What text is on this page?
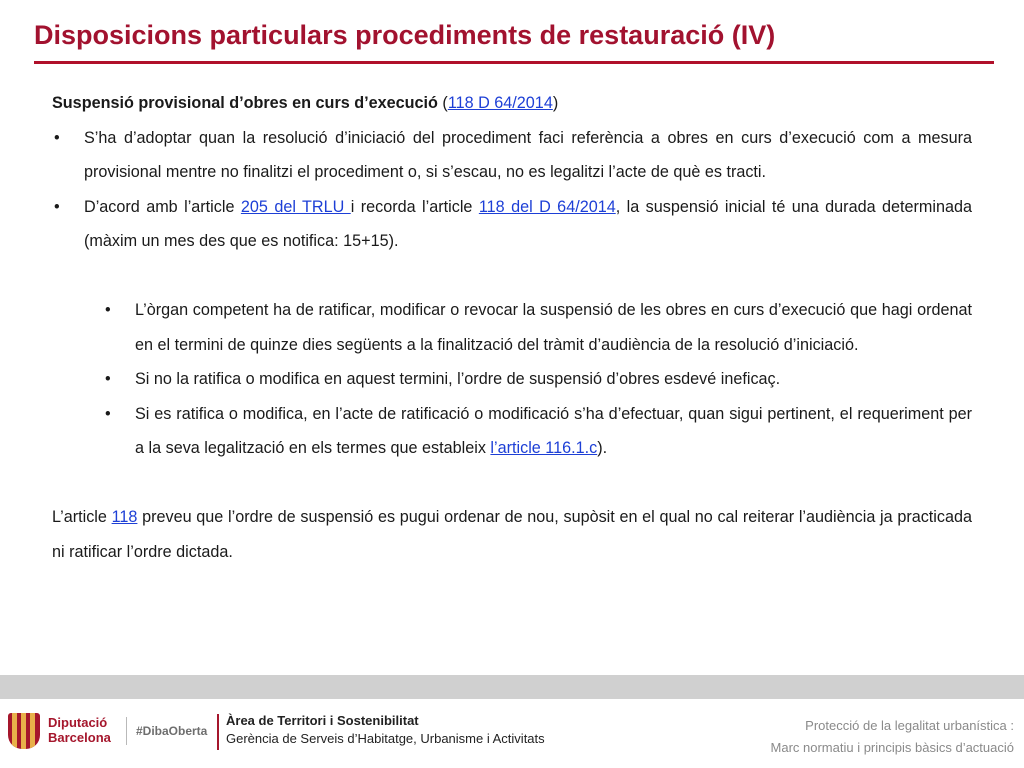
Disposicions particulars procediments de restauració (IV)
Suspensió provisional d’obres en curs d’execució (118 D 64/2014)
• S’ha d’adoptar quan la resolució d’iniciació del procediment faci referència a obres en curs d’execució com a mesura provisional mentre no finalitzi el procediment o, si s’escau, no es legalitzi l’acte de què es tracti.
• D’acord amb l’article 205 del TRLU i recorda l’article 118 del D 64/2014, la suspensió inicial té una durada determinada (màxim un mes des que es notifica: 15+15).
• L’òrgan competent ha de ratificar, modificar o revocar la suspensió de les obres en curs d’execució que hagi ordenat en el termini de quinze dies següents a la finalització del tràmit d’audiència de la resolució d’iniciació.
• Si no la ratifica o modifica en aquest termini, l’ordre de suspensió d’obres esdevé ineficaç.
• Si es ratifica o modifica, en l’acte de ratificació o modificació s’ha d’efectuar, quan sigui pertinent, el requeriment per a la seva legalització en els termes que estableix l’article 116.1.c).
L’article 118 preveu que l’ordre de suspensió es pugui ordenar de nou, supòsit en el qual no cal reiterar l’audiència ja practicada ni ratificar l’ordre dictada.
Diputació
Barcelona #DibaOberta
Àrea de Territori i Sostenibilitat
Gerència de Serveis d’Habitatge, Urbanisme i Activitats
Protecció de la legalitat urbanística :
Marc normatiu i principis bàsics d’actuació
